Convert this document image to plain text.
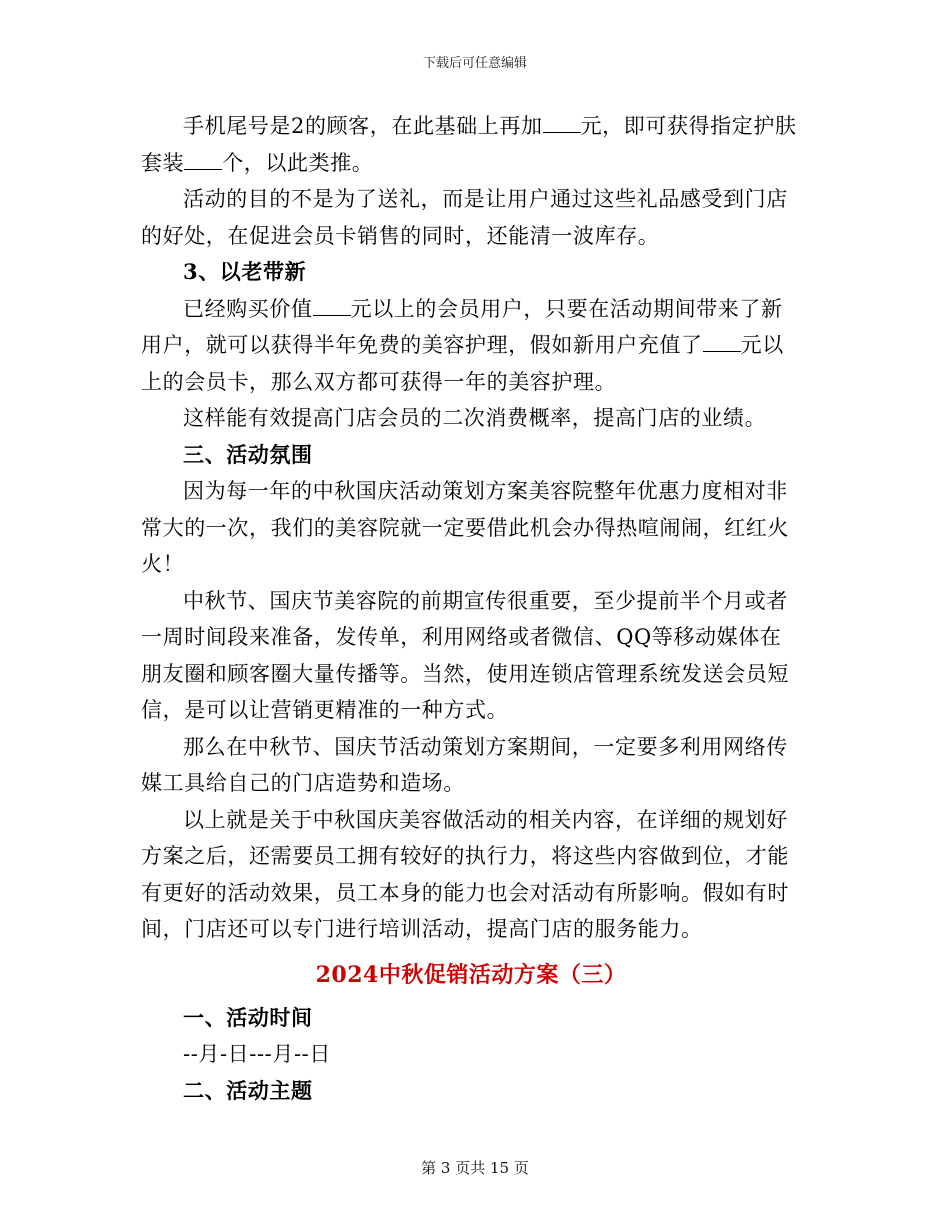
下载后可任意编辑

手机尾号是2的顾客，在此基础上再加 元，即可获得指定护肤套装 个，以此类推。

活动的目的不是为了送礼，而是让用户通过这些礼品感受到门店的好处，在促进会员卡销售的同时，还能清一波库存。

3、以老带新

已经购买价值 元以上的会员用户，只要在活动期间带来了新用户，就可以获得半年免费的美容护理，假如新用户充值了 元以上的会员卡，那么双方都可获得一年的美容护理。

这样能有效提高门店会员的二次消费概率，提高门店的业绩。

三、活动氛围

因为每一年的中秋国庆活动策划方案美容院整年优惠力度相对非常大的一次，我们的美容院就一定要借此机会办得热喧闹闹，红红火火！

中秋节、国庆节美容院的前期宣传很重要，至少提前半个月或者一周时间段来准备，发传单，利用网络或者微信、QQ等移动媒体在朋友圈和顾客圈大量传播等。当然，使用连锁店管理系统发送会员短信，是可以让营销更精准的一种方式。

那么在中秋节、国庆节活动策划方案期间，一定要多利用网络传媒工具给自己的门店造势和造场。

以上就是关于中秋国庆美容做活动的相关内容，在详细的规划好方案之后，还需要员工拥有较好的执行力，将这些内容做到位，才能有更好的活动效果，员工本身的能力也会对活动有所影响。假如有时间，门店还可以专门进行培训活动，提高门店的服务能力。

2024中秋促销活动方案（三）

一、活动时间

--月-日---月--日

二、活动主题

第 3 页共 15 页
